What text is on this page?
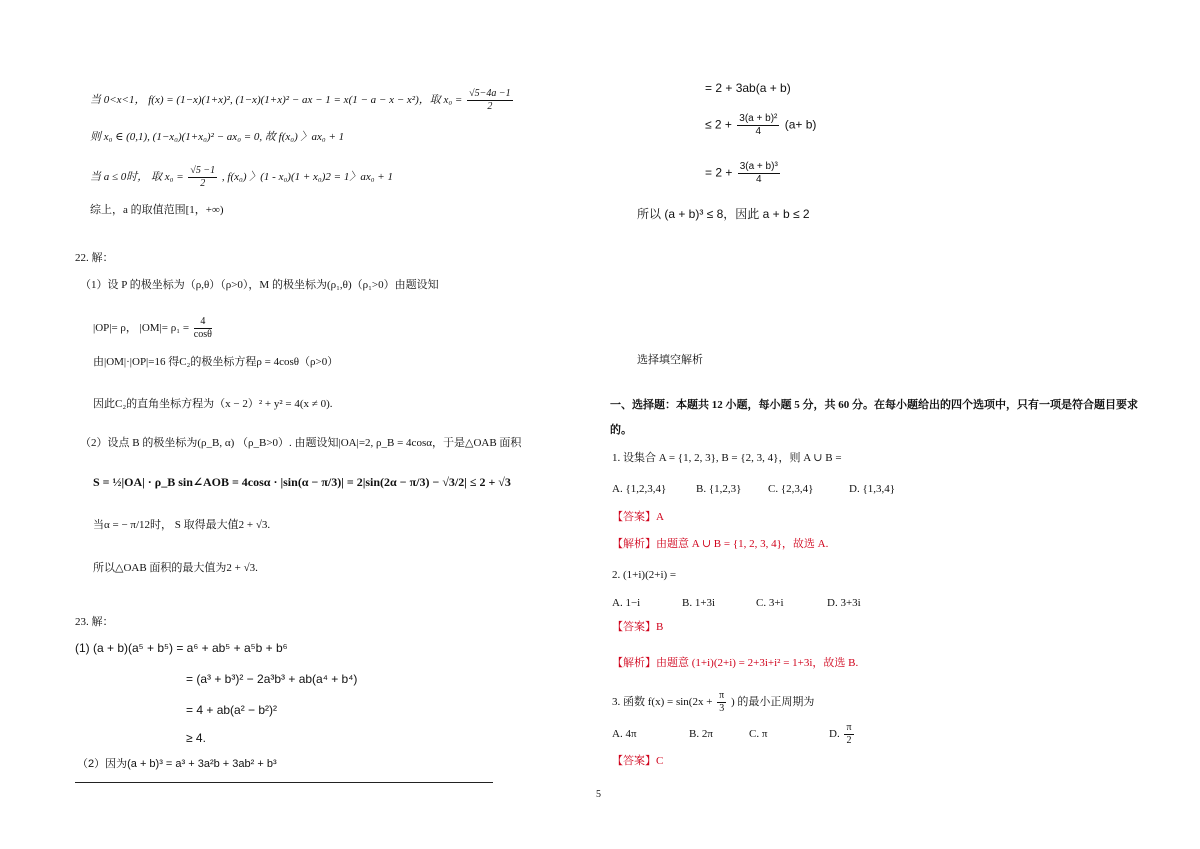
当 0<x<1， f(x) = (1−x)(1+x)², (1−x)(1+x)² − ax − 1 = x(1 − a − x − x²)，取 $x_0 = \frac{√5-4a -1}{2}$
则 x₀ ∈ (0,1), (1−x₀)(1+x₀)² − ax₀ = 0, 故 f(x₀) 〉ax₀ + 1
当 a ≤ 0时， 取 $x_0 = \frac{√5 -1}{2}$ , f(x₀) 〉(1 - x₀)(1 + x₀)2 = 1〉ax₀ + 1
综上，a 的取值范围[1，+∞)
22. 解：
（1）设 P 的极坐标为（ρ,θ）（ρ>0），M 的极坐标为(ρ₁,θ)（ρ₁>0）由题设知
|OP|= ρ， $|OM|= \rho_1 = \frac{4}{\cos\theta}$
由|OM|·|OP|=16 得C₂的极坐标方程ρ = 4cosθ（ρ>0）
因此C₂的直角坐标方程为（x − 2）² + y² = 4(x ≠ 0).
（2）设点 B 的极坐标为(ρ_B, α) （ρ_B>0）. 由题设知|OA|=2, ρ_B = 4cosα，于是△OAB 面积
S = ½|OA| · ρ_B sin∠AOB = 4cosα · |sin(α − π/3)| = 2|sin(2α − π/3) − √3/2| ≤ 2 + √3
当α = − π/12时， S 取得最大值2 + √3.
所以△OAB 面积的最大值为2 + √3.
23. 解：
(1) (a + b)(a⁵ + b⁵) = a⁶ + ab⁵ + a⁵b + b⁶
= (a³ + b³)² − 2a³b³ + ab(a⁴ + b⁴)
= 4 + ab(a² − b²)²
≥ 4.
（2）因为(a + b)³ = a³ + 3a²b + 3ab² + b³
5
= 2 + 3ab(a + b)
≤ $2 + \frac{\text{3(a + b)²}}{4} (a+ b)$
= $2 + \frac{\text{3(a + b)³}}{4}$
所以 (a + b)³ ≤ 8，因此 a + b ≤ 2
选择填空解析
一、选择题：本题共 12 小题，每小题 5 分，共 60 分。在每小题给出的四个选项中，只有一项是符合题目要求
的。
1. 设集合 A = {1, 2, 3}, B = {2, 3, 4}，则 A ∪ B =
A. {1,2,3,4}	B. {1,2,3} C. {2,3,4}	D. {1,3,4}
【答案】A
【解析】由题意 A ∪ B = {1, 2, 3, 4}，故选 A.
2. (1+i)(2+i) =
A. 1−i	B. 1+3i	C. 3+i	D. 3+3i
【答案】B
【解析】由题意 (1+i)(2+i) = 2+3i+i² = 1+3i，故选 B.
3. 函数 $f(x) = \sin(2x + \frac{\pi}{3}$ ) 的最小正周期为
A. 4π	B. 2π	C. π	D. $\frac{\pi}{2}$
【答案】C
